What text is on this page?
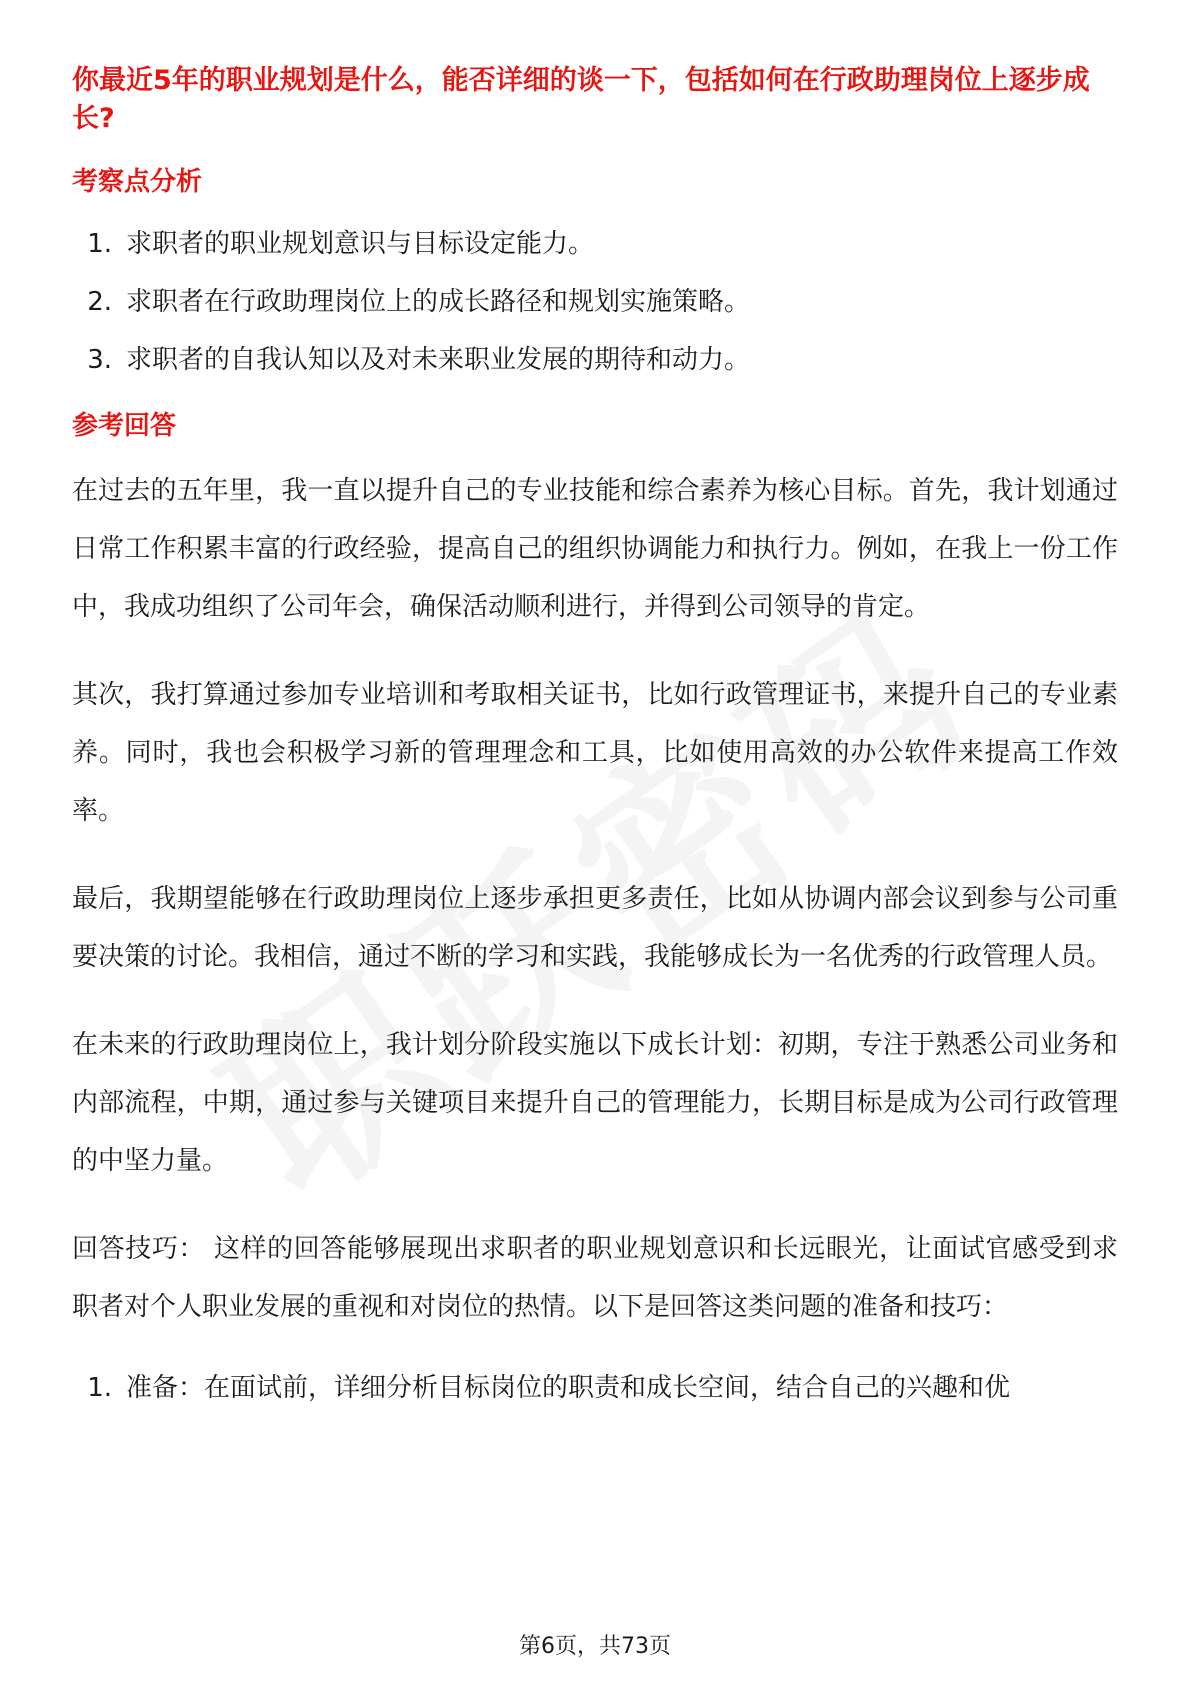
你最近5年的职业规划是什么，能否详细的谈一下，包括如何在行政助理岗位上逐步成长?

考察点分析

1. 求职者的职业规划意识与目标设定能力。
2. 求职者在行政助理岗位上的成长路径和规划实施策略。
3. 求职者的自我认知以及对未来职业发展的期待和动力。

参考回答

在过去的五年里，我一直以提升自己的专业技能和综合素养为核心目标。首先，我计划通过日常工作积累丰富的行政经验，提高自己的组织协调能力和执行力。例如，在我上一份工作中，我成功组织了公司年会，确保活动顺利进行，并得到公司领导的肯定。

其次，我打算通过参加专业培训和考取相关证书，比如行政管理证书，来提升自己的专业素养。同时，我也会积极学习新的管理理念和工具，比如使用高效的办公软件来提高工作效率。

最后，我期望能够在行政助理岗位上逐步承担更多责任，比如从协调内部会议到参与公司重要决策的讨论。我相信，通过不断的学习和实践，我能够成长为一名优秀的行政管理人员。

在未来的行政助理岗位上，我计划分阶段实施以下成长计划：初期，专注于熟悉公司业务和内部流程，中期，通过参与关键项目来提升自己的管理能力，长期目标是成为公司行政管理的中坚力量。

回答技巧： 这样的回答能够展现出求职者的职业规划意识和长远眼光，让面试官感受到求职者对个人职业发展的重视和对岗位的热情。以下是回答这类问题的准备和技巧：

1. 准备：在面试前，详细分析目标岗位的职责和成长空间，结合自己的兴趣和优
第6页，共73页
